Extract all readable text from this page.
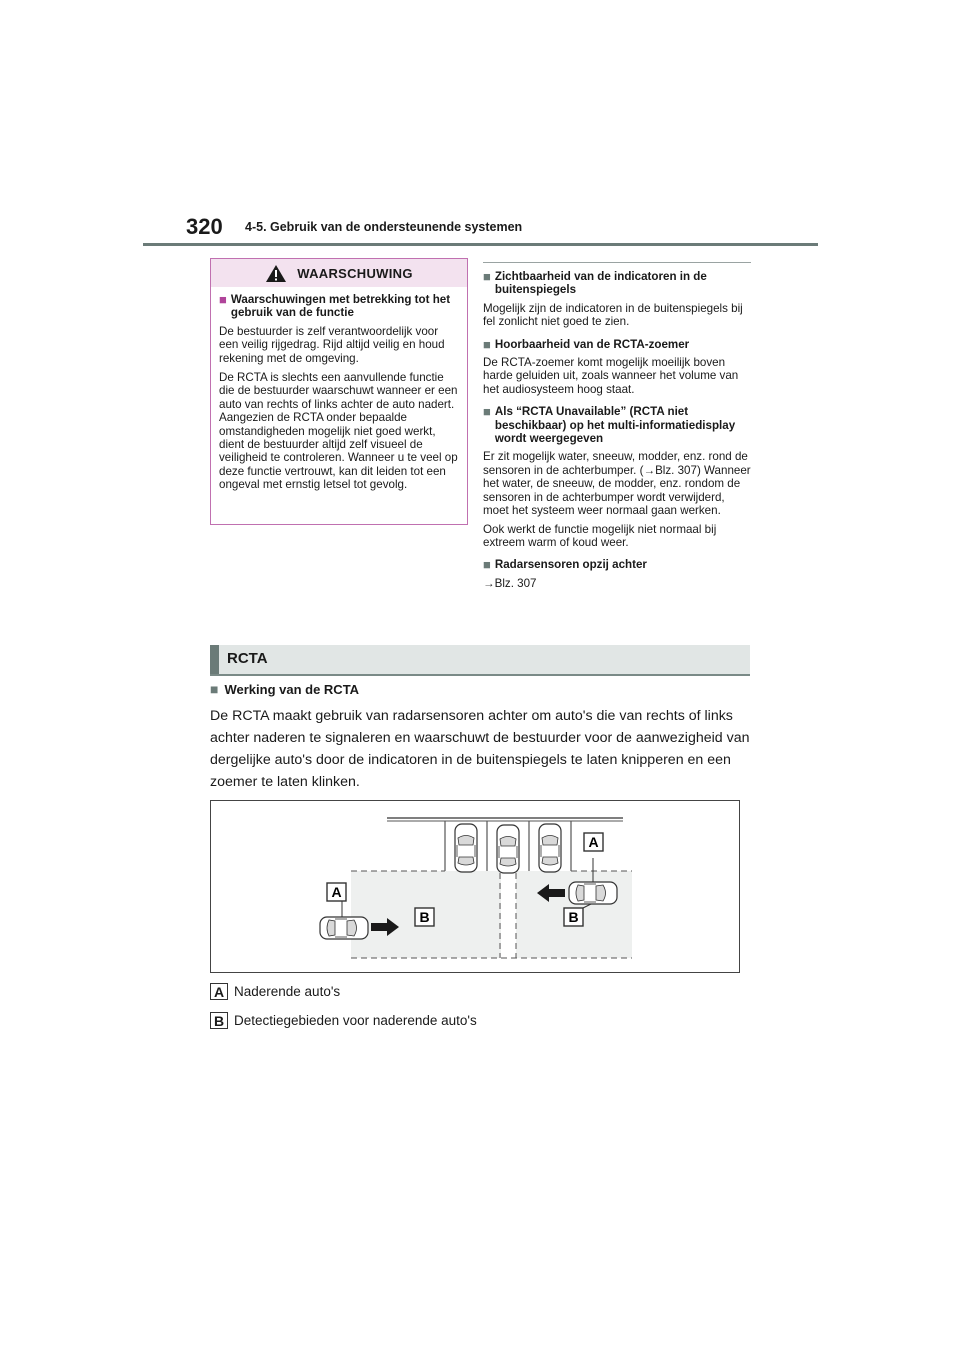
320 4-5. Gebruik van de ondersteunende systemen
WAARSCHUWING
■ Waarschuwingen met betrekking tot het gebruik van de functie

De bestuurder is zelf verantwoordelijk voor een veilig rijgedrag. Rijd altijd veilig en houd rekening met de omgeving.

De RCTA is slechts een aanvullende functie die de bestuurder waarschuwt wanneer er een auto van rechts of links achter de auto nadert. Aangezien de RCTA onder bepaalde omstandigheden mogelijk niet goed werkt, dient de bestuurder altijd zelf visueel de veiligheid te controleren. Wanneer u te veel op deze functie vertrouwt, kan dit leiden tot een ongeval met ernstig letsel tot gevolg.

■ Zichtbaarheid van de indicatoren in de buitenspiegels

Mogelijk zijn de indicatoren in de buitenspiegels bij fel zonlicht niet goed te zien.

■ Hoorbaarheid van de RCTA-zoemer

De RCTA-zoemer komt mogelijk moeilijk boven harde geluiden uit, zoals wanneer het volume van het audiosysteem hoog staat.

■ Als “RCTA Unavailable” (RCTA niet beschikbaar) op het multi-informatiedisplay wordt weergegeven

Er zit mogelijk water, sneeuw, modder, enz. rond de sensoren in de achterbumper. (→Blz. 307) Wanneer het water, de sneeuw, de modder, enz. rondom de sensoren in de achterbumper wordt verwijderd, moet het systeem weer normaal gaan werken.

Ook werkt de functie mogelijk niet normaal bij extreem warm of koud weer.

■ Radarsensoren opzij achter

→Blz. 307

RCTA
■ Werking van de RCTA

De RCTA maakt gebruik van radarsensoren achter om auto's die van rechts of links achter naderen te signaleren en waarschuwt de bestuurder voor de aanwezigheid van dergelijke auto's door de indicatoren in de buitenspiegels te laten knipperen en een zoemer te laten klinken.

A
A
B	B
A Naderende auto's
B Detectiegebieden voor naderende auto's
